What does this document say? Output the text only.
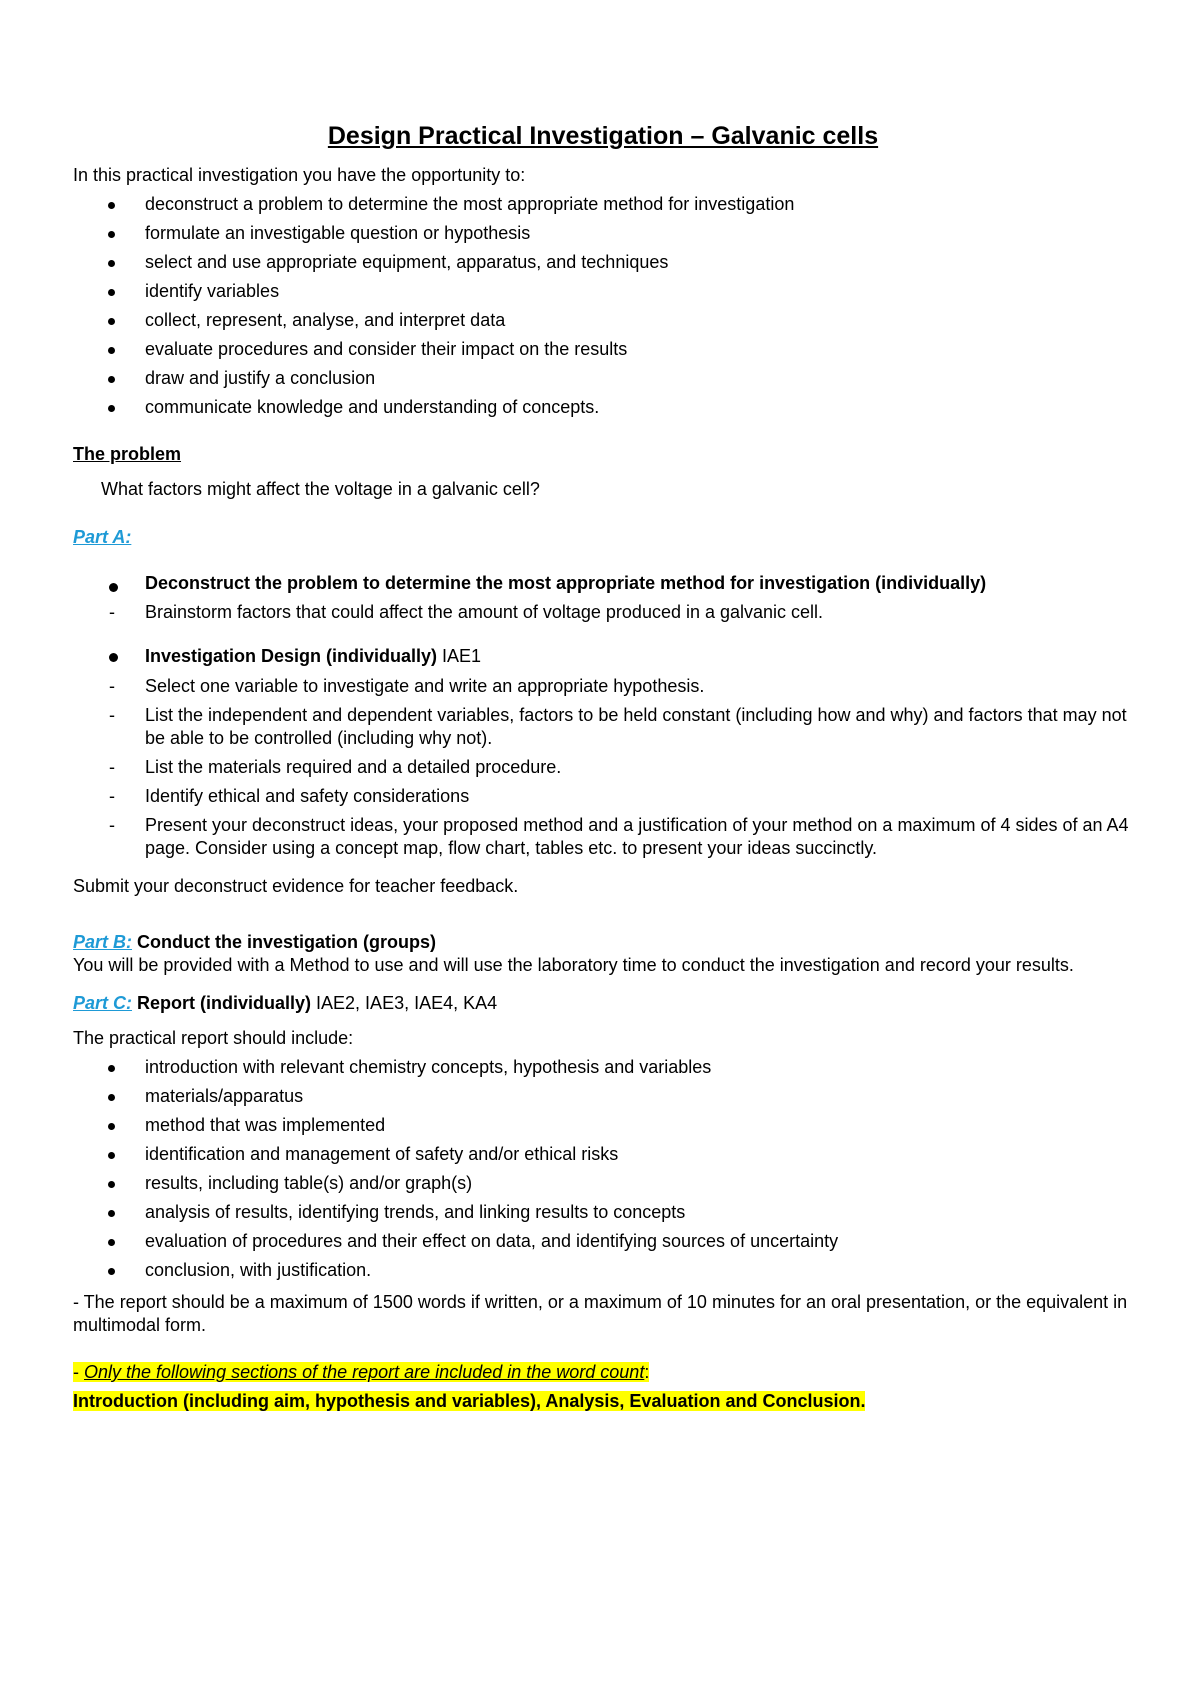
Design Practical Investigation – Galvanic cells

In this practical investigation you have the opportunity to:

deconstruct a problem to determine the most appropriate method for investigation
formulate an investigable question or hypothesis
select and use appropriate equipment, apparatus, and techniques
identify variables
collect, represent, analyse, and interpret data
evaluate procedures and consider their impact on the results
draw and justify a conclusion
communicate knowledge and understanding of concepts.

The problem

What factors might affect the voltage in a galvanic cell?

Part A:

Deconstruct the problem to determine the most appropriate method for investigation (individually)
- Brainstorm factors that could affect the amount of voltage produced in a galvanic cell.
Investigation Design (individually) IAE1
- Select one variable to investigate and write an appropriate hypothesis.
- List the independent and dependent variables, factors to be held constant (including how and why) and factors that may not be able to be controlled (including why not).
- List the materials required and a detailed procedure.
- Identify ethical and safety considerations
- Present your deconstruct ideas, your proposed method and a justification of your method on a maximum of 4 sides of an A4 page. Consider using a concept map, flow chart, tables etc. to present your ideas succinctly.

Submit your deconstruct evidence for teacher feedback.

Part B: Conduct the investigation (groups)

You will be provided with a Method to use and will use the laboratory time to conduct the investigation and record your results.

Part C: Report (individually) IAE2, IAE3, IAE4, KA4

The practical report should include:

introduction with relevant chemistry concepts, hypothesis and variables
materials/apparatus
method that was implemented
identification and management of safety and/or ethical risks
results, including table(s) and/or graph(s)
analysis of results, identifying trends, and linking results to concepts
evaluation of procedures and their effect on data, and identifying sources of uncertainty
conclusion, with justification.

- The report should be a maximum of 1500 words if written, or a maximum of 10 minutes for an oral presentation, or the equivalent in multimodal form.

- Only the following sections of the report are included in the word count:

Introduction (including aim, hypothesis and variables), Analysis, Evaluation and Conclusion.
